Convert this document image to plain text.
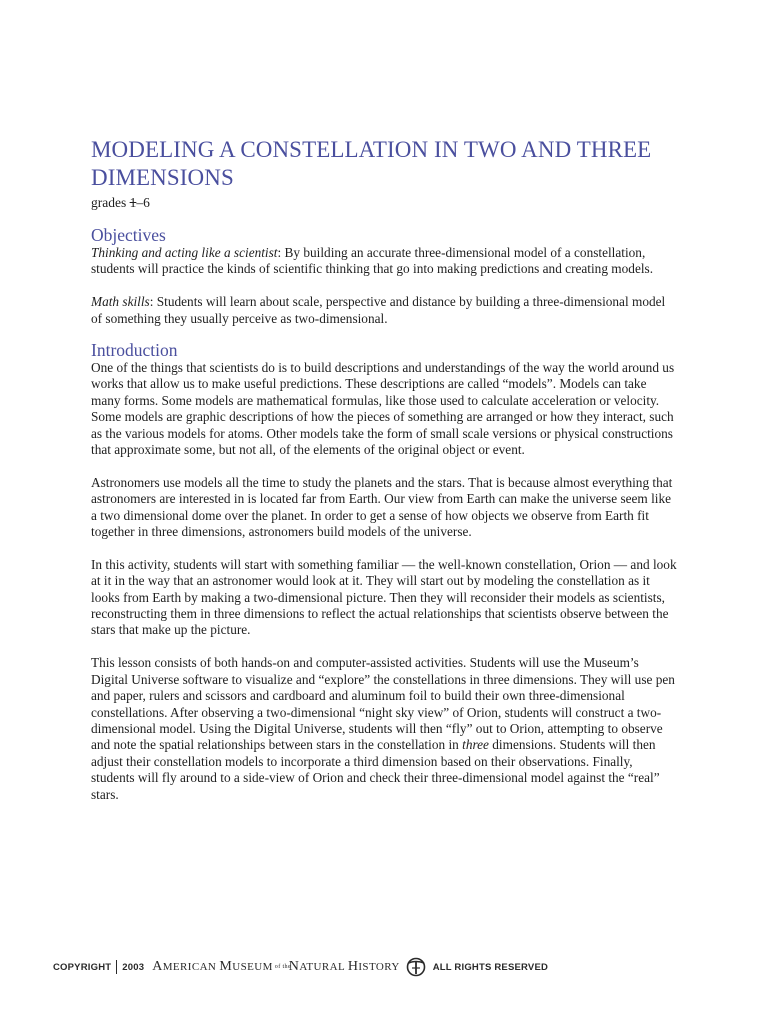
MODELING A CONSTELLATION IN TWO AND THREE DIMENSIONS
grades 1–6
Objectives

Thinking and acting like a scientist: By building an accurate three-dimensional model of a constellation, students will practice the kinds of scientific thinking that go into making predictions and creating models.

Math skills: Students will learn about scale, perspective and distance by building a three-dimensional model of something they usually perceive as two-dimensional.

Introduction

One of the things that scientists do is to build descriptions and understandings of the way the world around us works that allow us to make useful predictions. These descriptions are called “models”. Models can take many forms. Some models are mathematical formulas, like those used to calculate acceleration or velocity. Some models are graphic descriptions of how the pieces of something are arranged or how they interact, such as the various models for atoms. Other models take the form of small scale versions or physical constructions that approximate some, but not all, of the elements of the original object or event.

Astronomers use models all the time to study the planets and the stars. That is because almost everything that astronomers are interested in is located far from Earth. Our view from Earth can make the universe seem like a two dimensional dome over the planet. In order to get a sense of how objects we observe from Earth fit together in three dimensions, astronomers build models of the universe.

In this activity, students will start with something familiar — the well-known constellation, Orion — and look at it in the way that an astronomer would look at it. They will start out by modeling the constellation as it looks from Earth by making a two-dimensional picture. Then they will reconsider their models as scientists, reconstructing them in three dimensions to reflect the actual relationships that scientists observe between the stars that make up the picture.

This lesson consists of both hands-on and computer-assisted activities. Students will use the Museum’s Digital Universe software to visualize and “explore” the constellations in three dimensions. They will use pen and paper, rulers and scissors and cardboard and aluminum foil to build their own three-dimensional constellations. After observing a two-dimensional “night sky view” of Orion, students will construct a two-dimensional model. Using the Digital Universe, students will then “fly” out to Orion, attempting to observe and note the spatial relationships between stars in the constellation in three dimensions. Students will then adjust their constellation models to incorporate a third dimension based on their observations. Finally, students will fly around to a side-view of Orion and check their three-dimensional model against the “real” stars.

COPYRIGHT 2003 AMERICAN MUSEUM of theNATURAL HISTORY	ALL RIGHTS RESERVED
